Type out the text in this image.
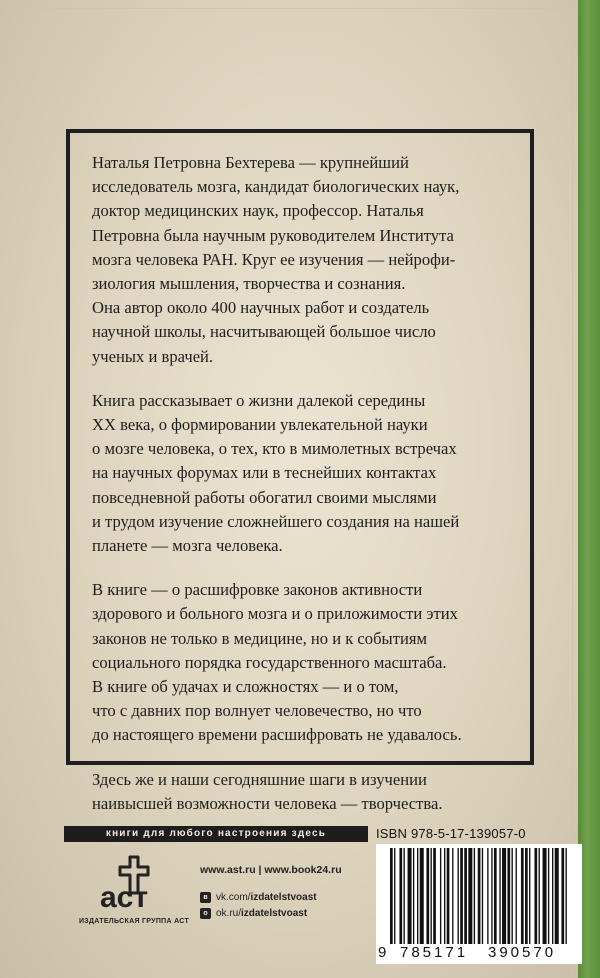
Наталья Петровна Бехтерева — крупнейший
исследователь мозга, кандидат биологических наук,
доктор медицинских наук, профессор. Наталья
Петровна была научным руководителем Института
мозга человека РАН. Круг ее изучения — нейрофи-
зиология мышления, творчества и сознания.
Она автор около 400 научных работ и создатель
научной школы, насчитывающей большое число
ученых и врачей.

Книга рассказывает о жизни далекой середины
XX века, о формировании увлекательной науки
о мозге человека, о тех, кто в мимолетных встречах
на научных форумах или в теснейших контактах
повседневной работы обогатил своими мыслями
и трудом изучение сложнейшего создания на нашей
планете — мозга человека.

В книге — о расшифровке законов активности
здорового и больного мозга и о приложимости этих
законов не только в медицине, но и к событиям
социального порядка государственного масштаба.
В книге об удачах и сложностях — и о том,
что с давних пор волнует человечество, но что
до настоящего времени расшифровать не удавалось.

Здесь же и наши сегодняшние шаги в изучении
наивысшей возможности человека — творчества.

книги для любого настроения здесь
аст
ИЗДАТЕЛЬСКАЯ ГРУППА АСТ
www.ast.ru | www.book24.ru
в vk.com/izdatelstvoast
о ok.ru/izdatelstvoast
ISBN 978-5-17-139057-0
9 785171 390570
